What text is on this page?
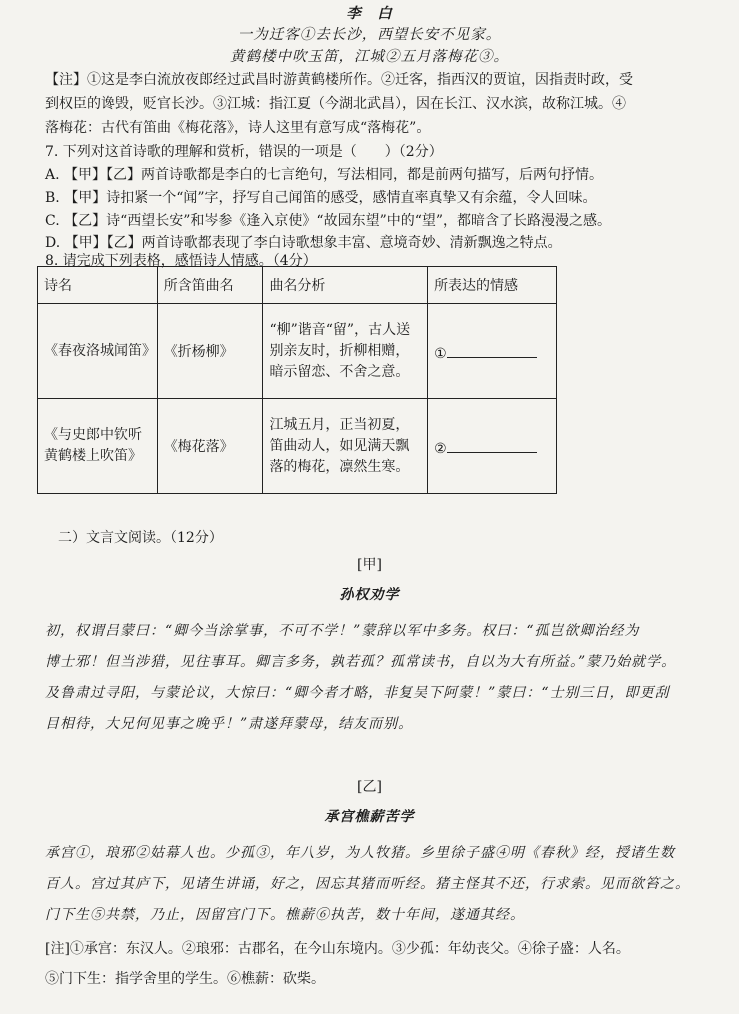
李　白
一为迁客①去长沙，西望长安不见家。
黄鹤楼中吹玉笛，江城②五月落梅花③。
【注】①这是李白流放夜郎经过武昌时游黄鹤楼所作。②迁客，指西汉的贾谊，因指责时政，受
到权臣的谗毁，贬官长沙。③江城：指江夏（今湖北武昌），因在长江、汉水滨，故称江城。④
落梅花：古代有笛曲《梅花落》，诗人这里有意写成“落梅花”。
7. 下列对这首诗歌的理解和赏析，错误的一项是（　　）（2分）
A. 【甲】【乙】两首诗歌都是李白的七言绝句，写法相同，都是前两句描写，后两句抒情。
B. 【甲】诗扣紧一个“闻”字，抒写自己闻笛的感受，感情直率真挚又有余蕴，令人回味。
C. 【乙】诗“西望长安”和岑参《逢入京使》“故园东望”中的“望”，都暗含了长路漫漫之感。
D. 【甲】【乙】两首诗歌都表现了李白诗歌想象丰富、意境奇妙、清新飘逸之特点。
8. 请完成下列表格，感悟诗人情感。（4分）
诗名	所含笛曲名	曲名分析	所表达的情感
《春夜洛城闻笛》	《折杨柳》	“柳”谐音“留”，古人送别亲友时，折柳相赠，暗示留恋、不舍之意。	①
《与史郎中钦听 黄鹤楼上吹笛》	《梅花落》	江城五月，正当初夏，笛曲动人，如见满天飘落的梅花，凛然生寒。	②
二）文言文阅读。（12分）
[甲]
孙权劝学
初，权谓吕蒙曰：“卿今当涂掌事，不可不学！”蒙辞以军中多务。权曰：“孤岂欲卿治经为
博士邪！但当涉猎，见往事耳。卿言多务，孰若孤？孤常读书，自以为大有所益。”蒙乃始就学。
及鲁肃过寻阳，与蒙论议，大惊曰：“卿今者才略，非复吴下阿蒙！”蒙曰：“士别三日，即更刮
目相待，大兄何见事之晚乎！”肃遂拜蒙母，结友而别。
[乙]
承宫樵薪苦学
承宫①，琅邪②姑幕人也。少孤③，年八岁，为人牧猪。乡里徐子盛④明《春秋》经，授诸生数
百人。宫过其庐下，见诸生讲诵，好之，因忘其猪而听经。猪主怪其不还，行求索。见而欲笞之。
门下生⑤共禁，乃止，因留宫门下。樵薪⑥执苦，数十年间，遂通其经。
[注]①承宫：东汉人。②琅邪：古郡名，在今山东境内。③少孤：年幼丧父。④徐子盛：人名。
⑤门下生：指学舍里的学生。⑥樵薪：砍柴。
